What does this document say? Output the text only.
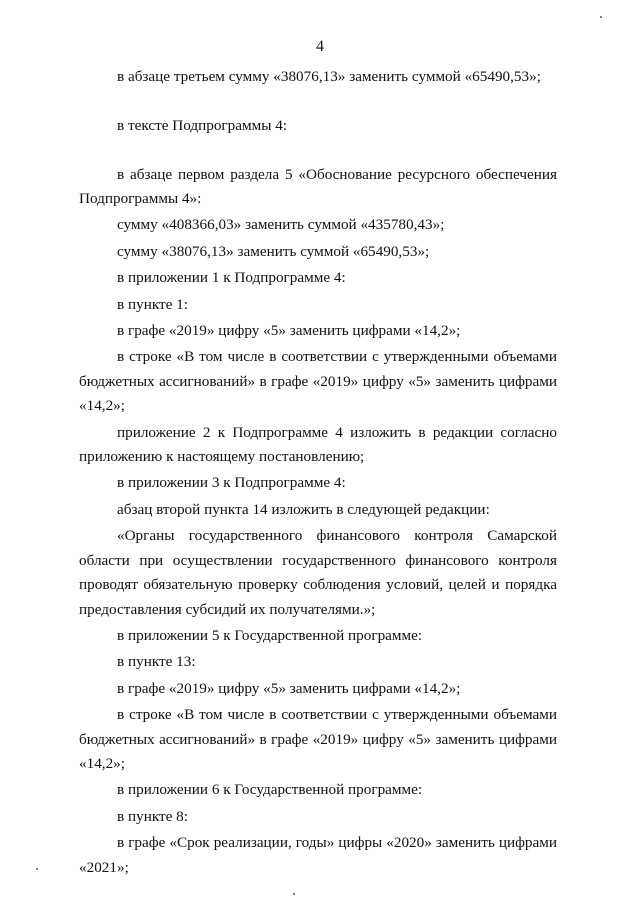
4

в абзаце третьем сумму «38076,13» заменить суммой «65490,53»;

в тексте Подпрограммы 4:

в абзаце первом раздела 5 «Обоснование ресурсного обеспечения Подпрограммы 4»:

сумму «408366,03» заменить суммой «435780,43»;

сумму «38076,13» заменить суммой «65490,53»;

в приложении 1 к Подпрограмме 4:

в пункте 1:

в графе «2019» цифру «5» заменить цифрами «14,2»;

в строке «В том числе в соответствии с утвержденными объемами бюджетных ассигнований» в графе «2019» цифру «5» заменить цифрами «14,2»;

приложение 2 к Подпрограмме 4 изложить в редакции согласно приложению к настоящему постановлению;

в приложении 3 к Подпрограмме 4:

абзац второй пункта 14 изложить в следующей редакции:

«Органы государственного финансового контроля Самарской области при осуществлении государственного финансового контроля проводят обязательную проверку соблюдения условий, целей и порядка предоставления субсидий их получателями.»;

в приложении 5 к Государственной программе:

в пункте 13:

в графе «2019» цифру «5» заменить цифрами «14,2»;

в строке «В том числе в соответствии с утвержденными объемами бюджетных ассигнований» в графе «2019» цифру «5» заменить цифрами «14,2»;

в приложении 6 к Государственной программе:

в пункте 8:

в графе «Срок реализации, годы» цифры «2020» заменить цифрами «2021»;
